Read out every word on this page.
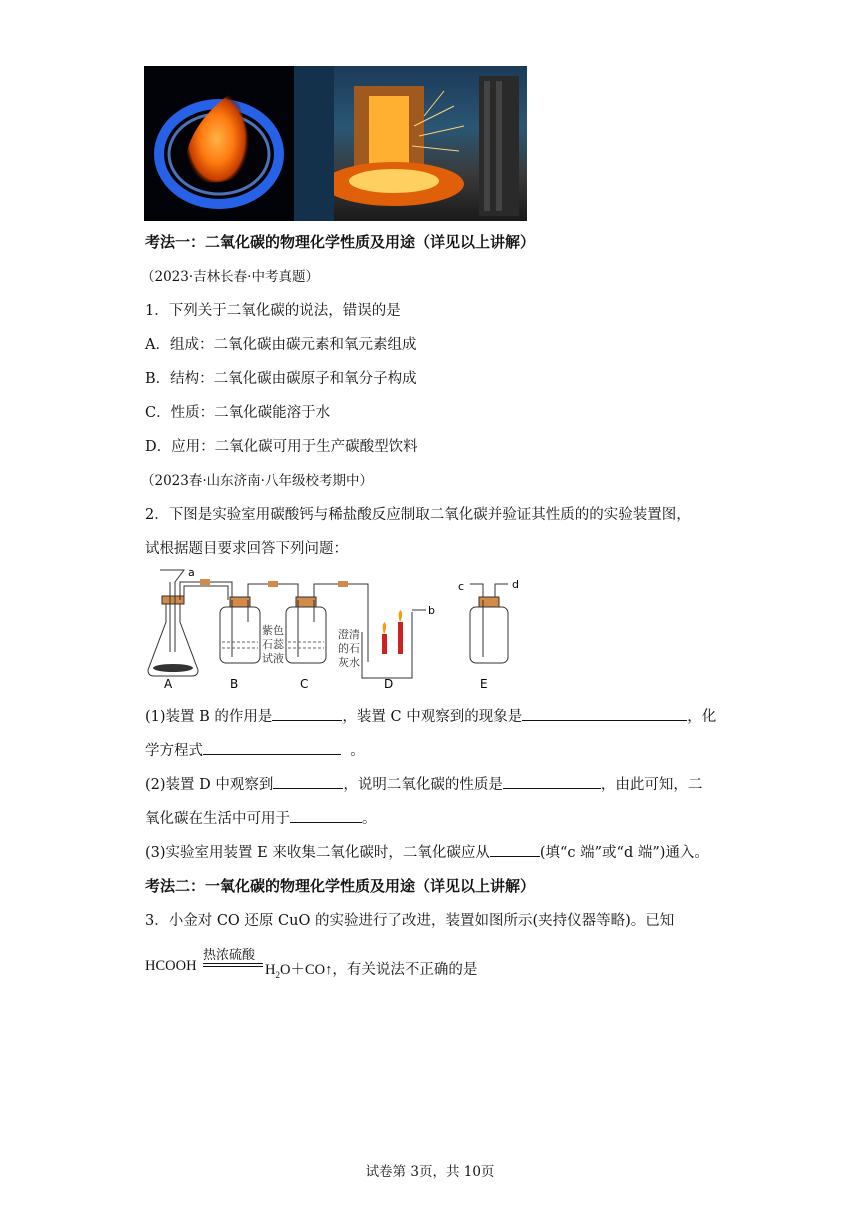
考法一：二氧化碳的物理化学性质及用途（详见以上讲解）
（2023·吉林长春·中考真题）
1．下列关于二氧化碳的说法，错误的是
A．组成：二氧化碳由碳元素和氧元素组成
B．结构：二氧化碳由碳原子和氧分子构成
C．性质：二氧化碳能溶于水
D．应用：二氧化碳可用于生产碳酸型饮料
（2023春·山东济南·八年级校考期中）
2．下图是实验室用碳酸钙与稀盐酸反应制取二氧化碳并验证其性质的的实验装置图，
试根据题目要求回答下列问题：
a
b
c	d
紫色
石蕊
试液
澄清
的石
灰水
A	B	C	D	E
(1)装置 B 的作用是	，装置 C 中观察到的现象是	，化
学方程式	。
(2)装置 D 中观察到	，说明二氧化碳的性质是	，由此可知，二
氧化碳在生活中可用于	。
(3)实验室用装置 E 来收集二氧化碳时，二氧化碳应从	(填“c 端”或“d 端”)通入。
考法二：一氧化碳的物理化学性质及用途（详见以上讲解）
3．小金对 CO 还原 CuO 的实验进行了改进，装置如图所示(夹持仪器等略)。已知
HCOOH
热浓硫酸
$H_2O+CO↑$，有关说法不正确的是
试卷第 3页，共 10页
